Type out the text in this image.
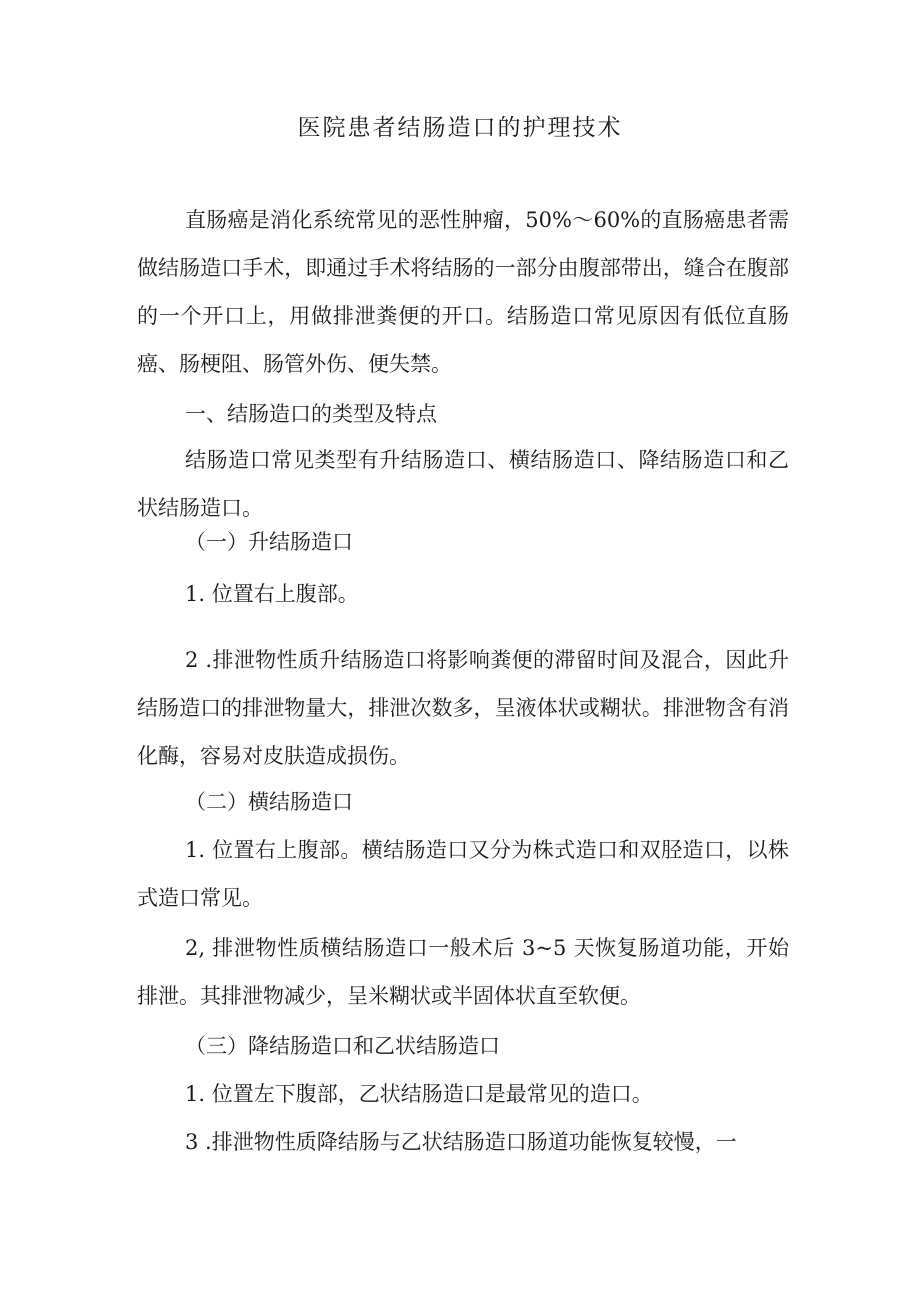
医院患者结肠造口的护理技术

直肠癌是消化系统常见的恶性肿瘤，50%～60%的直肠癌患者需做结肠造口手术，即通过手术将结肠的一部分由腹部带出，缝合在腹部的一个开口上，用做排泄粪便的开口。结肠造口常见原因有低位直肠癌、肠梗阻、肠管外伤、便失禁。

一、结肠造口的类型及特点

结肠造口常见类型有升结肠造口、横结肠造口、降结肠造口和乙状结肠造口。

（一）升结肠造口

1. 位置右上腹部。

2 .排泄物性质升结肠造口将影响粪便的滞留时间及混合，因此升结肠造口的排泄物量大，排泄次数多，呈液体状或糊状。排泄物含有消化酶，容易对皮肤造成损伤。

（二）横结肠造口

1. 位置右上腹部。横结肠造口又分为株式造口和双胫造口，以株式造口常见。

2, 排泄物性质横结肠造口一般术后 3~5 天恢复肠道功能，开始排泄。其排泄物减少，呈米糊状或半固体状直至软便。

（三）降结肠造口和乙状结肠造口

1. 位置左下腹部，乙状结肠造口是最常见的造口。

3 .排泄物性质降结肠与乙状结肠造口肠道功能恢复较慢，一
